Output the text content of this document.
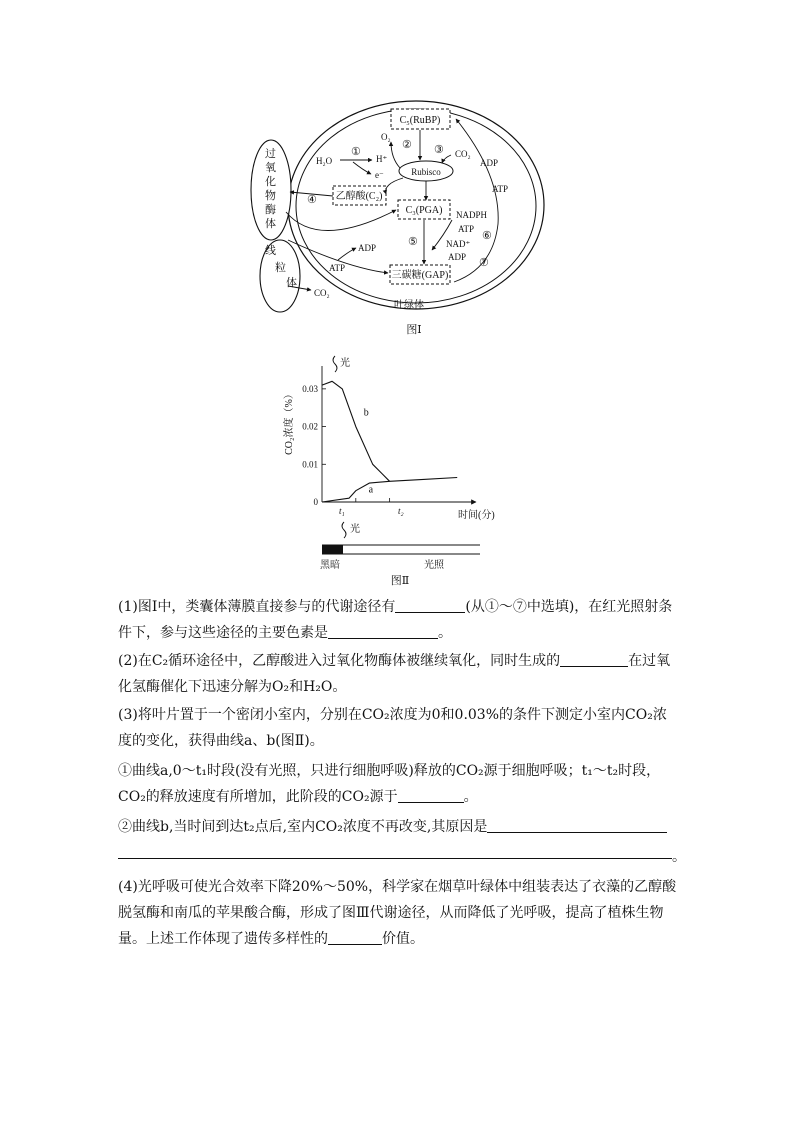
C₅(RuBP)
Rubisco
乙醇酸(C₂)
C₃(PGA)
三碳糖(GAP)
O₂
①
② ③ CO₂
H₂O	H⁺
e⁻
ADP
ATP
④
NADPH
ATP
⑥
⑤	NAD⁺
ADP ⑦
ADP
ATP
CO₂
叶绿体
过
氧
化
物
酶
体
线
粒
体
图Ⅰ
0
0.01
0.02
0.03
a
b
CO₂浓度（%）
时间(分)
光
光
t₁	t₂
黑暗	光照
图Ⅱ

(1)图Ⅰ中，类囊体薄膜直接参与的代谢途径有	(从①～⑦中选填)，在红光照射条件下，参与这些途径的主要色素是	。

(2)在C₂循环途径中，乙醇酸进入过氧化物酶体被继续氧化，同时生成的	在过氧化氢酶催化下迅速分解为O₂和H₂O。

(3)将叶片置于一个密闭小室内，分别在CO₂浓度为0和0.03%的条件下测定小室内CO₂浓度的变化，获得曲线a、b(图Ⅱ)。

①曲线a,0～t₁时段(没有光照，只进行细胞呼吸)释放的CO₂源于细胞呼吸；t₁～t₂时段，CO₂的释放速度有所增加，此阶段的CO₂源于	。

②曲线b,当时间到达t₂点后,室内CO₂浓度不再改变,其原因是

。

(4)光呼吸可使光合效率下降20%～50%，科学家在烟草叶绿体中组装表达了衣藻的乙醇酸脱氢酶和南瓜的苹果酸合酶，形成了图Ⅲ代谢途径，从而降低了光呼吸，提高了植株生物量。上述工作体现了遗传多样性的	价值。
